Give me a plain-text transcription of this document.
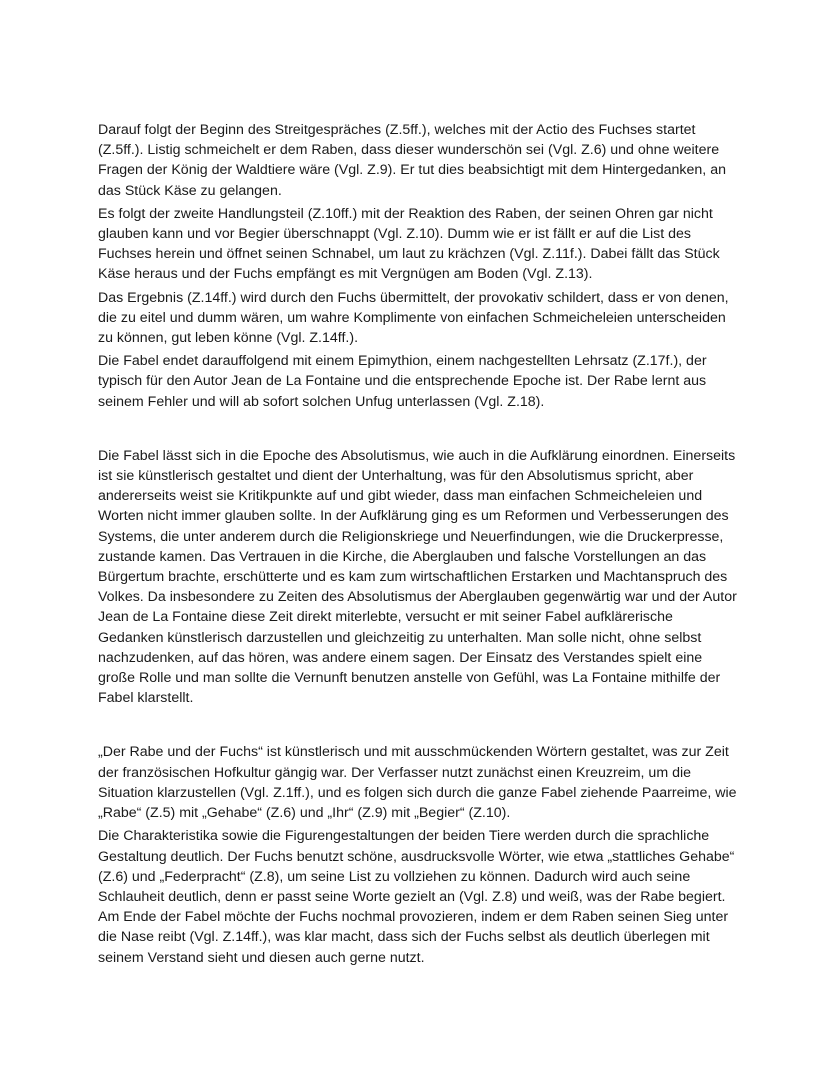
Darauf folgt der Beginn des Streitgespräches (Z.5ff.), welches mit der Actio des Fuchses startet (Z.5ff.). Listig schmeichelt er dem Raben, dass dieser wunderschön sei (Vgl. Z.6) und ohne weitere Fragen der König der Waldtiere wäre (Vgl. Z.9). Er tut dies beabsichtigt mit dem Hintergedanken, an das Stück Käse zu gelangen.

Es folgt der zweite Handlungsteil (Z.10ff.) mit der Reaktion des Raben, der seinen Ohren gar nicht glauben kann und vor Begier überschnappt (Vgl. Z.10). Dumm wie er ist fällt er auf die List des Fuchses herein und öffnet seinen Schnabel, um laut zu krächzen (Vgl. Z.11f.). Dabei fällt das Stück Käse heraus und der Fuchs empfängt es mit Vergnügen am Boden (Vgl. Z.13).

Das Ergebnis (Z.14ff.) wird durch den Fuchs übermittelt, der provokativ schildert, dass er von denen, die zu eitel und dumm wären, um wahre Komplimente von einfachen Schmeicheleien unterscheiden zu können, gut leben könne (Vgl. Z.14ff.).

Die Fabel endet darauffolgend mit einem Epimythion, einem nachgestellten Lehrsatz (Z.17f.), der typisch für den Autor Jean de La Fontaine und die entsprechende Epoche ist. Der Rabe lernt aus seinem Fehler und will ab sofort solchen Unfug unterlassen (Vgl. Z.18).

Die Fabel lässt sich in die Epoche des Absolutismus, wie auch in die Aufklärung einordnen. Einerseits ist sie künstlerisch gestaltet und dient der Unterhaltung, was für den Absolutismus spricht, aber andererseits weist sie Kritikpunkte auf und gibt wieder, dass man einfachen Schmeicheleien und Worten nicht immer glauben sollte. In der Aufklärung ging es um Reformen und Verbesserungen des Systems, die unter anderem durch die Religionskriege und Neuerfindungen, wie die Druckerpresse, zustande kamen. Das Vertrauen in die Kirche, die Aberglauben und falsche Vorstellungen an das Bürgertum brachte, erschütterte und es kam zum wirtschaftlichen Erstarken und Machtanspruch des Volkes. Da insbesondere zu Zeiten des Absolutismus der Aberglauben gegenwärtig war und der Autor Jean de La Fontaine diese Zeit direkt miterlebte, versucht er mit seiner Fabel aufklärerische Gedanken künstlerisch darzustellen und gleichzeitig zu unterhalten. Man solle nicht, ohne selbst nachzudenken, auf das hören, was andere einem sagen. Der Einsatz des Verstandes spielt eine große Rolle und man sollte die Vernunft benutzen anstelle von Gefühl, was La Fontaine mithilfe der Fabel klarstellt.

„Der Rabe und der Fuchs“ ist künstlerisch und mit ausschmückenden Wörtern gestaltet, was zur Zeit der französischen Hofkultur gängig war. Der Verfasser nutzt zunächst einen Kreuzreim, um die Situation klarzustellen (Vgl. Z.1ff.), und es folgen sich durch die ganze Fabel ziehende Paarreime, wie „Rabe“ (Z.5) mit „Gehabe“ (Z.6) und „Ihr“ (Z.9) mit „Begier“ (Z.10).

Die Charakteristika sowie die Figurengestaltungen der beiden Tiere werden durch die sprachliche Gestaltung deutlich. Der Fuchs benutzt schöne, ausdrucksvolle Wörter, wie etwa „stattliches Gehabe“ (Z.6) und „Federpracht“ (Z.8), um seine List zu vollziehen zu können. Dadurch wird auch seine Schlauheit deutlich, denn er passt seine Worte gezielt an (Vgl. Z.8) und weiß, was der Rabe begiert. Am Ende der Fabel möchte der Fuchs nochmal provozieren, indem er dem Raben seinen Sieg unter die Nase reibt (Vgl. Z.14ff.), was klar macht, dass sich der Fuchs selbst als deutlich überlegen mit seinem Verstand sieht und diesen auch gerne nutzt.
